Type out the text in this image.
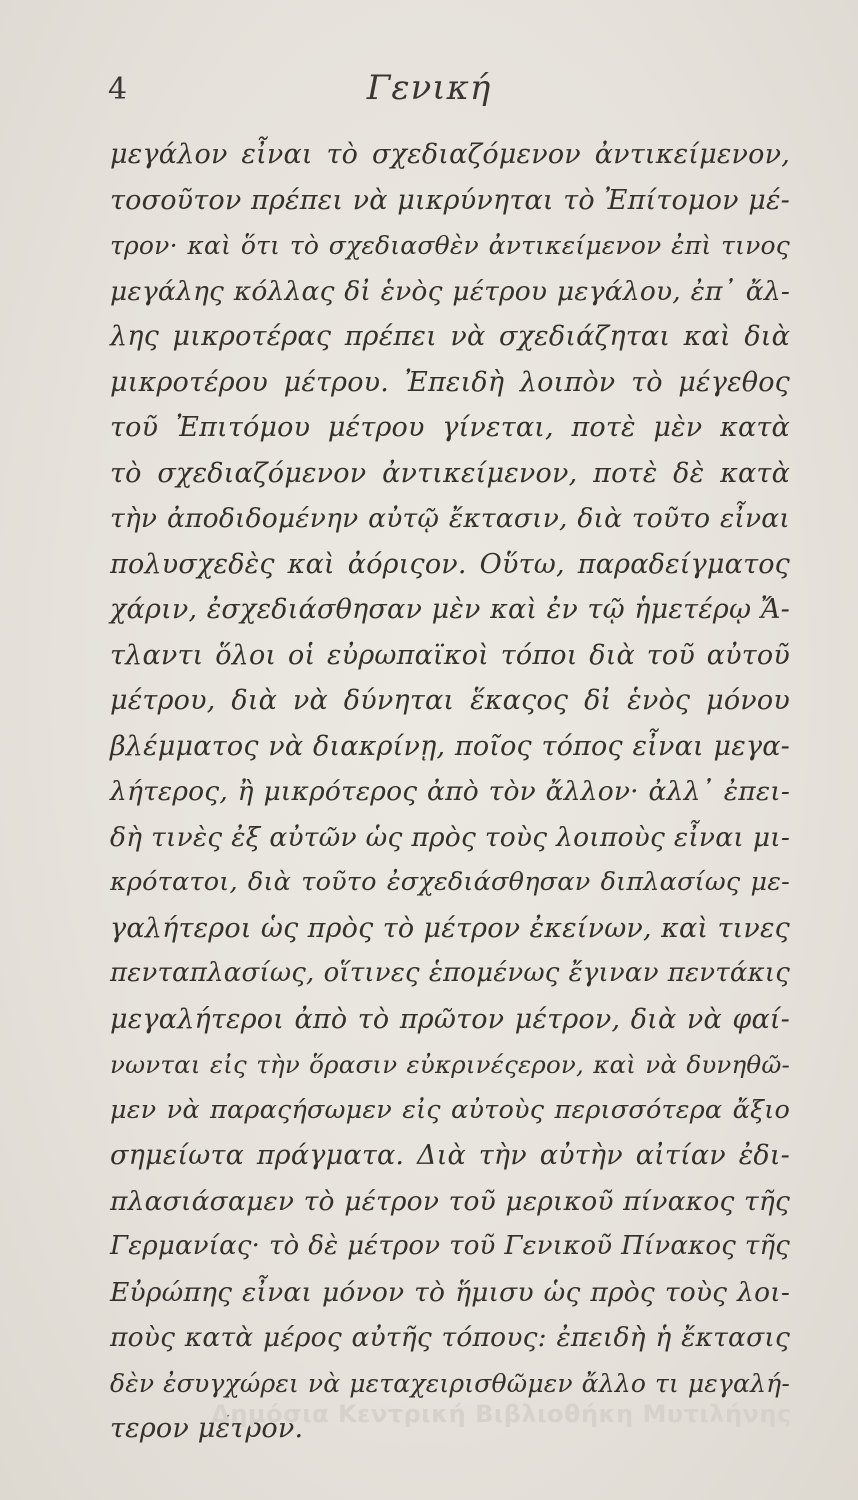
4	Γενική
μεγάλον εἶναι τὸ σχεδιαζόμενον ἀντικείμενον,
τοσοῦτον πρέπει νὰ μικρύνηται τὸ Ἐπίτομον μέ-
τρον· καὶ ὅτι τὸ σχεδιασθὲν ἀντικείμενον ἐπὶ τινος
μεγάλης κόλλας δἰ ἑνὸς μέτρου μεγάλου, ἐπ᾽ ἄλ-
λης μικροτέρας πρέπει νὰ σχεδιάζηται καὶ διὰ
μικροτέρου μέτρου. Ἐπειδὴ λοιπὸν τὸ μέγεθος
τοῦ Ἐπιτόμου μέτρου γίνεται, ποτὲ μὲν κατὰ
τὸ σχεδιαζόμενον ἀντικείμενον, ποτὲ δὲ κατὰ
τὴν ἀποδιδομένην αὐτῷ ἔκτασιν, διὰ τοῦτο εἶναι
πολυσχεδὲς καὶ ἀόριςον. Οὕτω, παραδείγματος
χάριν, ἐσχεδιάσθησαν μὲν καὶ ἐν τῷ ἡμετέρῳ Ἄ-
τλαντι ὅλοι οἱ εὐρωπαϊκοὶ τόποι διὰ τοῦ αὐτοῦ
μέτρου, διὰ νὰ δύνηται ἕκαςος δἰ ἑνὸς μόνου
βλέμματος νὰ διακρίνῃ, ποῖος τόπος εἶναι μεγα-
λήτερος, ἢ μικρότερος ἀπὸ τὸν ἄλλον· ἀλλ᾽ ἐπει-
δὴ τινὲς ἐξ αὐτῶν ὡς πρὸς τοὺς λοιποὺς εἶναι μι-
κρότατοι, διὰ τοῦτο ἐσχεδιάσθησαν διπλασίως με-
γαλήτεροι ὡς πρὸς τὸ μέτρον ἐκείνων, καὶ τινες
πενταπλασίως, οἵτινες ἑπομένως ἔγιναν πεντάκις
μεγαλήτεροι ἀπὸ τὸ πρῶτον μέτρον, διὰ νὰ φαί-
νωνται εἰς τὴν ὅρασιν εὐκρινέςερον, καὶ νὰ δυνηθῶ-
μεν νὰ παραςήσωμεν εἰς αὐτοὺς περισσότερα ἄξιο
σημείωτα πράγματα. Διὰ τὴν αὐτὴν αἰτίαν ἐδι-
πλασιάσαμεν τὸ μέτρον τοῦ μερικοῦ πίνακος τῆς
Γερμανίας· τὸ δὲ μέτρον τοῦ Γενικοῦ Πίνακος τῆς
Εὐρώπης εἶναι μόνον τὸ ἥμισυ ὡς πρὸς τοὺς λοι-
ποὺς κατὰ μέρος αὐτῆς τόπους: ἐπειδὴ ἡ ἔκτασις
δὲν ἐσυγχώρει νὰ μεταχειρισθῶμεν ἄλλο τι μεγαλή-
τερον μέτρον.
Δημόσια Κεντρική Βιβλιοθήκη Μυτιλήνης
